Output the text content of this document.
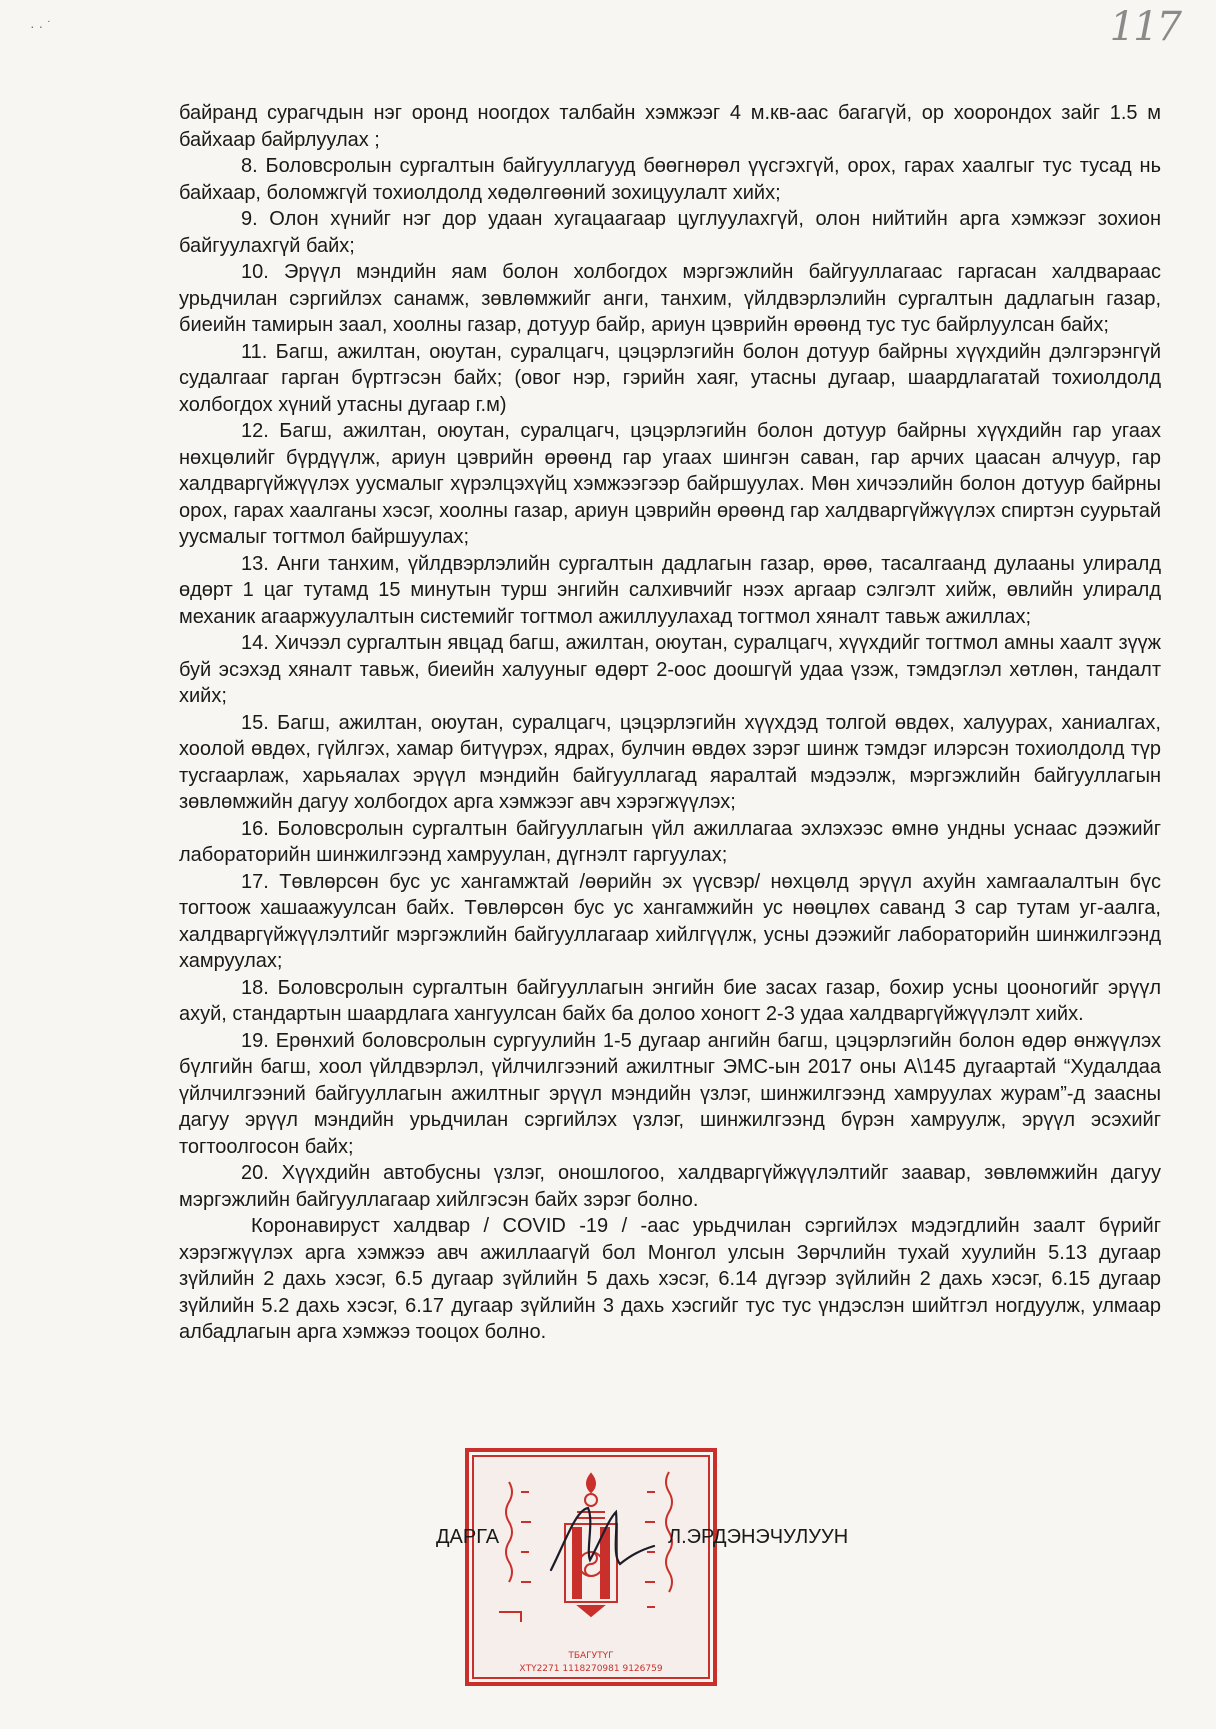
· · ˙	117

байранд сурагчдын нэг оронд ноогдох талбайн хэмжээг 4 м.кв-аас багагүй, ор хоорондох зайг 1.5 м байхаар байрлуулах ;

8. Боловсролын сургалтын байгууллагууд бөөгнөрөл үүсгэхгүй, орох, гарах хаалгыг тус тусад нь байхаар, боломжгүй тохиолдолд хөдөлгөөний зохицуулалт хийх;

9. Олон хүнийг нэг дор удаан хугацаагаар цуглуулахгүй, олон нийтийн арга хэмжээг зохион байгуулахгүй байх;

10. Эрүүл мэндийн яам болон холбогдох мэргэжлийн байгууллагаас гаргасан халдвараас урьдчилан сэргийлэх санамж, зөвлөмжийг анги, танхим, үйлдвэрлэлийн сургалтын дадлагын газар, биеийн тамирын заал, хоолны газар, дотуур байр, ариун цэврийн өрөөнд тус тус байрлуулсан байх;

11. Багш, ажилтан, оюутан, суралцагч, цэцэрлэгийн болон дотуур байрны хүүхдийн дэлгэрэнгүй судалгааг гарган бүртгэсэн байх; (овог нэр, гэрийн хаяг, утасны дугаар, шаардлагатай тохиолдолд холбогдох хүний утасны дугаар г.м)

12. Багш, ажилтан, оюутан, суралцагч, цэцэрлэгийн болон дотуур байрны хүүхдийн гар угаах нөхцөлийг бүрдүүлж, ариун цэврийн өрөөнд гар угаах шингэн саван, гар арчих цаасан алчуур, гар халдваргүйжүүлэх уусмалыг хүрэлцэхүйц хэмжээгээр байршуулах. Мөн хичээлийн болон дотуур байрны орох, гарах хаалганы хэсэг, хоолны газар, ариун цэврийн өрөөнд гар халдваргүйжүүлэх спиртэн суурьтай уусмалыг тогтмол байршуулах;

13. Анги танхим, үйлдвэрлэлийн сургалтын дадлагын газар, өрөө, тасалгаанд дулааны улиралд өдөрт 1 цаг тутамд 15 минутын турш энгийн салхивчийг нээх аргаар сэлгэлт хийж, өвлийн улиралд механик агааржуулалтын системийг тогтмол ажиллуулахад тогтмол хяналт тавьж ажиллах;

14. Хичээл сургалтын явцад багш, ажилтан, оюутан, суралцагч, хүүхдийг тогтмол амны хаалт зүүж буй эсэхэд хяналт тавьж, биеийн халууныг өдөрт 2-оос доошгүй удаа үзэж, тэмдэглэл хөтлөн, тандалт хийх;

15. Багш, ажилтан, оюутан, суралцагч, цэцэрлэгийн хүүхдэд толгой өвдөх, халуурах, ханиалгах, хоолой өвдөх, гүйлгэх, хамар битүүрэх, ядрах, булчин өвдөх зэрэг шинж тэмдэг илэрсэн тохиолдолд түр тусгаарлаж, харьяалах эрүүл мэндийн байгууллагад яаралтай мэдээлж, мэргэжлийн байгууллагын зөвлөмжийн дагуу холбогдох арга хэмжээг авч хэрэгжүүлэх;

16. Боловсролын сургалтын байгууллагын үйл ажиллагаа эхлэхээс өмнө ундны уснаас дээжийг лабораторийн шинжилгээнд хамруулан, дүгнэлт гаргуулах;

17. Төвлөрсөн бус ус хангамжтай /өөрийн эх үүсвэр/ нөхцөлд эрүүл ахуйн хамгаалалтын бүс тогтоож хашаажуулсан байх. Төвлөрсөн бус ус хангамжийн ус нөөцлөх саванд 3 сар тутам уг-аалга, халдваргүйжүүлэлтийг мэргэжлийн байгууллагаар хийлгүүлж, усны дээжийг лабораторийн шинжилгээнд хамруулах;

18. Боловсролын сургалтын байгууллагын энгийн бие засах газар, бохир усны цооногийг эрүүл ахуй, стандартын шаардлага хангуулсан байх ба долоо хоногт 2-3 удаа халдваргүйжүүлэлт хийх.

19. Ерөнхий боловсролын сургуулийн 1-5 дугаар ангийн багш, цэцэрлэгийн болон өдөр өнжүүлэх бүлгийн багш, хоол үйлдвэрлэл, үйлчилгээний ажилтныг ЭМС-ын 2017 оны А\145 дугаартай “Худалдаа үйлчилгээний байгууллагын ажилтныг эрүүл мэндийн үзлэг, шинжилгээнд хамруулах журам”-д заасны дагуу эрүүл мэндийн урьдчилан сэргийлэх үзлэг, шинжилгээнд бүрэн хамруулж, эрүүл эсэхийг тогтоолгосон байх;

20. Хүүхдийн автобусны үзлэг, оношлогоо, халдваргүйжүүлэлтийг заавар, зөвлөмжийн дагуу мэргэжлийн байгууллагаар хийлгэсэн байх зэрэг болно.

Коронавируст халдвар / COVID -19 / -аас урьдчилан сэргийлэх мэдэгдлийн заалт бүрийг хэрэгжүүлэх арга хэмжээ авч ажиллаагүй бол Монгол улсын Зөрчлийн тухай хуулийн 5.13 дугаар зүйлийн 2 дахь хэсэг, 6.5 дугаар зүйлийн 5 дахь хэсэг, 6.14 дүгээр зүйлийн 2 дахь хэсэг, 6.15 дугаар зүйлийн 5.2 дахь хэсэг, 6.17 дугаар зүйлийн 3 дахь хэсгийг тус тус үндэслэн шийтгэл ногдуулж, улмаар албадлагын арга хэмжээ тооцох болно.

ТБАГУТҮГ
ХТҮ2271 1118270981 9126759
ДАРГА	Л.ЭРДЭНЭЧУЛУУН
